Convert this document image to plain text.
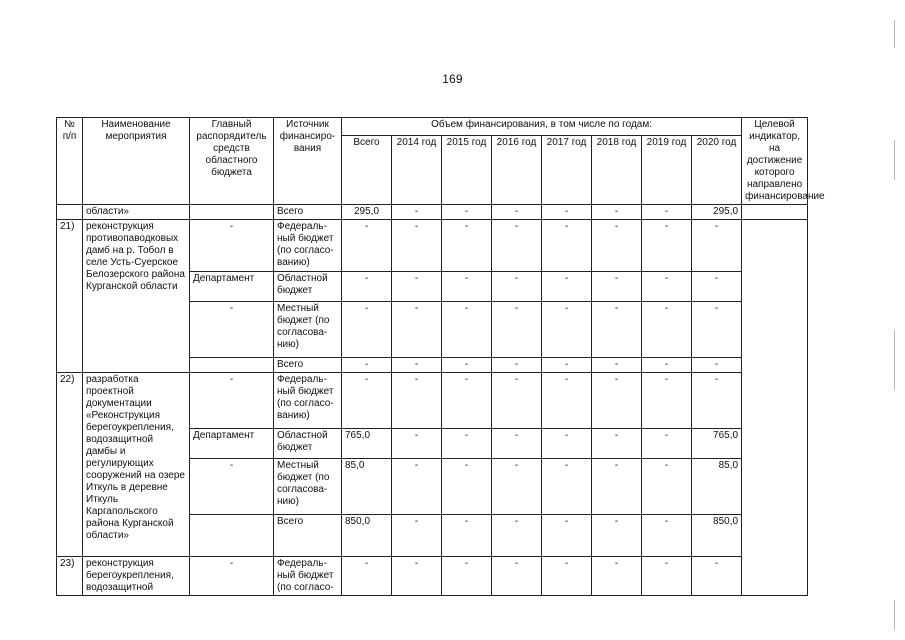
169
№ п/п	Наименование мероприятия	Главный распорядитель средств областного бюджета	Источник финансиро-вания	Объем финансирования, в том числе по годам:								Целевой индикатор, на достижение которого направлено финансирование
				Всего	2014 год	2015 год	2016 год	2017 год	2018 год	2019 год	2020 год	
	области»		Всего	295,0	-	-	-	-	-	-	295,0	
21)	реконструкция противопаводковых дамб на р. Тобол в селе Усть-Суерское Белозерского района Курганской области	-	Федераль-ный бюджет (по согласо-ванию)	-	-	-	-	-	-	-	-	
		Департамент	Областной бюджет	-	-	-	-	-	-	-	-	
		-	Местный бюджет (по согласова-нию)	-	-	-	-	-	-	-	-	
			Всего	-	-	-	-	-	-	-	-	
22)	разработка проектной документации «Реконструкция берегоукрепления, водозащитной дамбы и регулирующих сооружений на озере Иткуль в деревне Иткуль Каргапольского района Курганской области»	-	Федераль-ный бюджет (по согласо-ванию)	-	-	-	-	-	-	-	-	
		Департамент	Областной бюджет	765,0	-	-	-	-	-	-	765,0	
		-	Местный бюджет (по согласова-нию)	85,0	-	-	-	-	-	-	85,0	
			Всего	850,0	-	-	-	-	-	-	850,0	
23)	реконструкция берегоукрепления, водозащитной	-	Федераль-ный бюджет (по согласо-	-	-	-	-	-	-	-	-	
